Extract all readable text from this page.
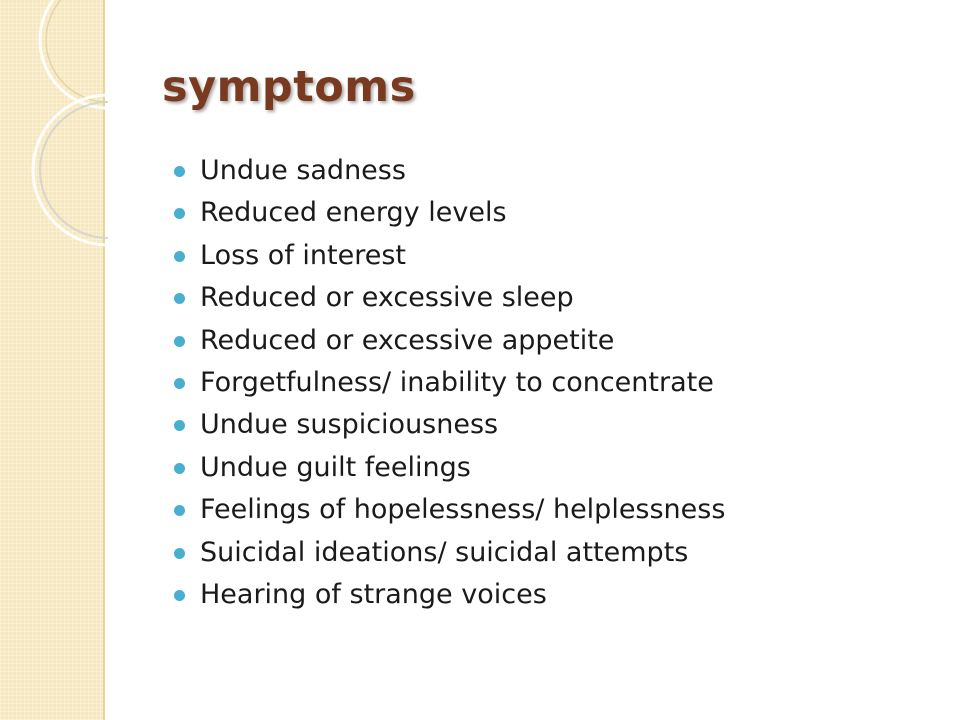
symptoms
Undue sadness
Reduced energy levels
Loss of interest
Reduced or excessive sleep
Reduced or excessive appetite
Forgetfulness/ inability to concentrate
Undue suspiciousness
Undue guilt feelings
Feelings of hopelessness/ helplessness
Suicidal ideations/ suicidal attempts
Hearing of strange voices
